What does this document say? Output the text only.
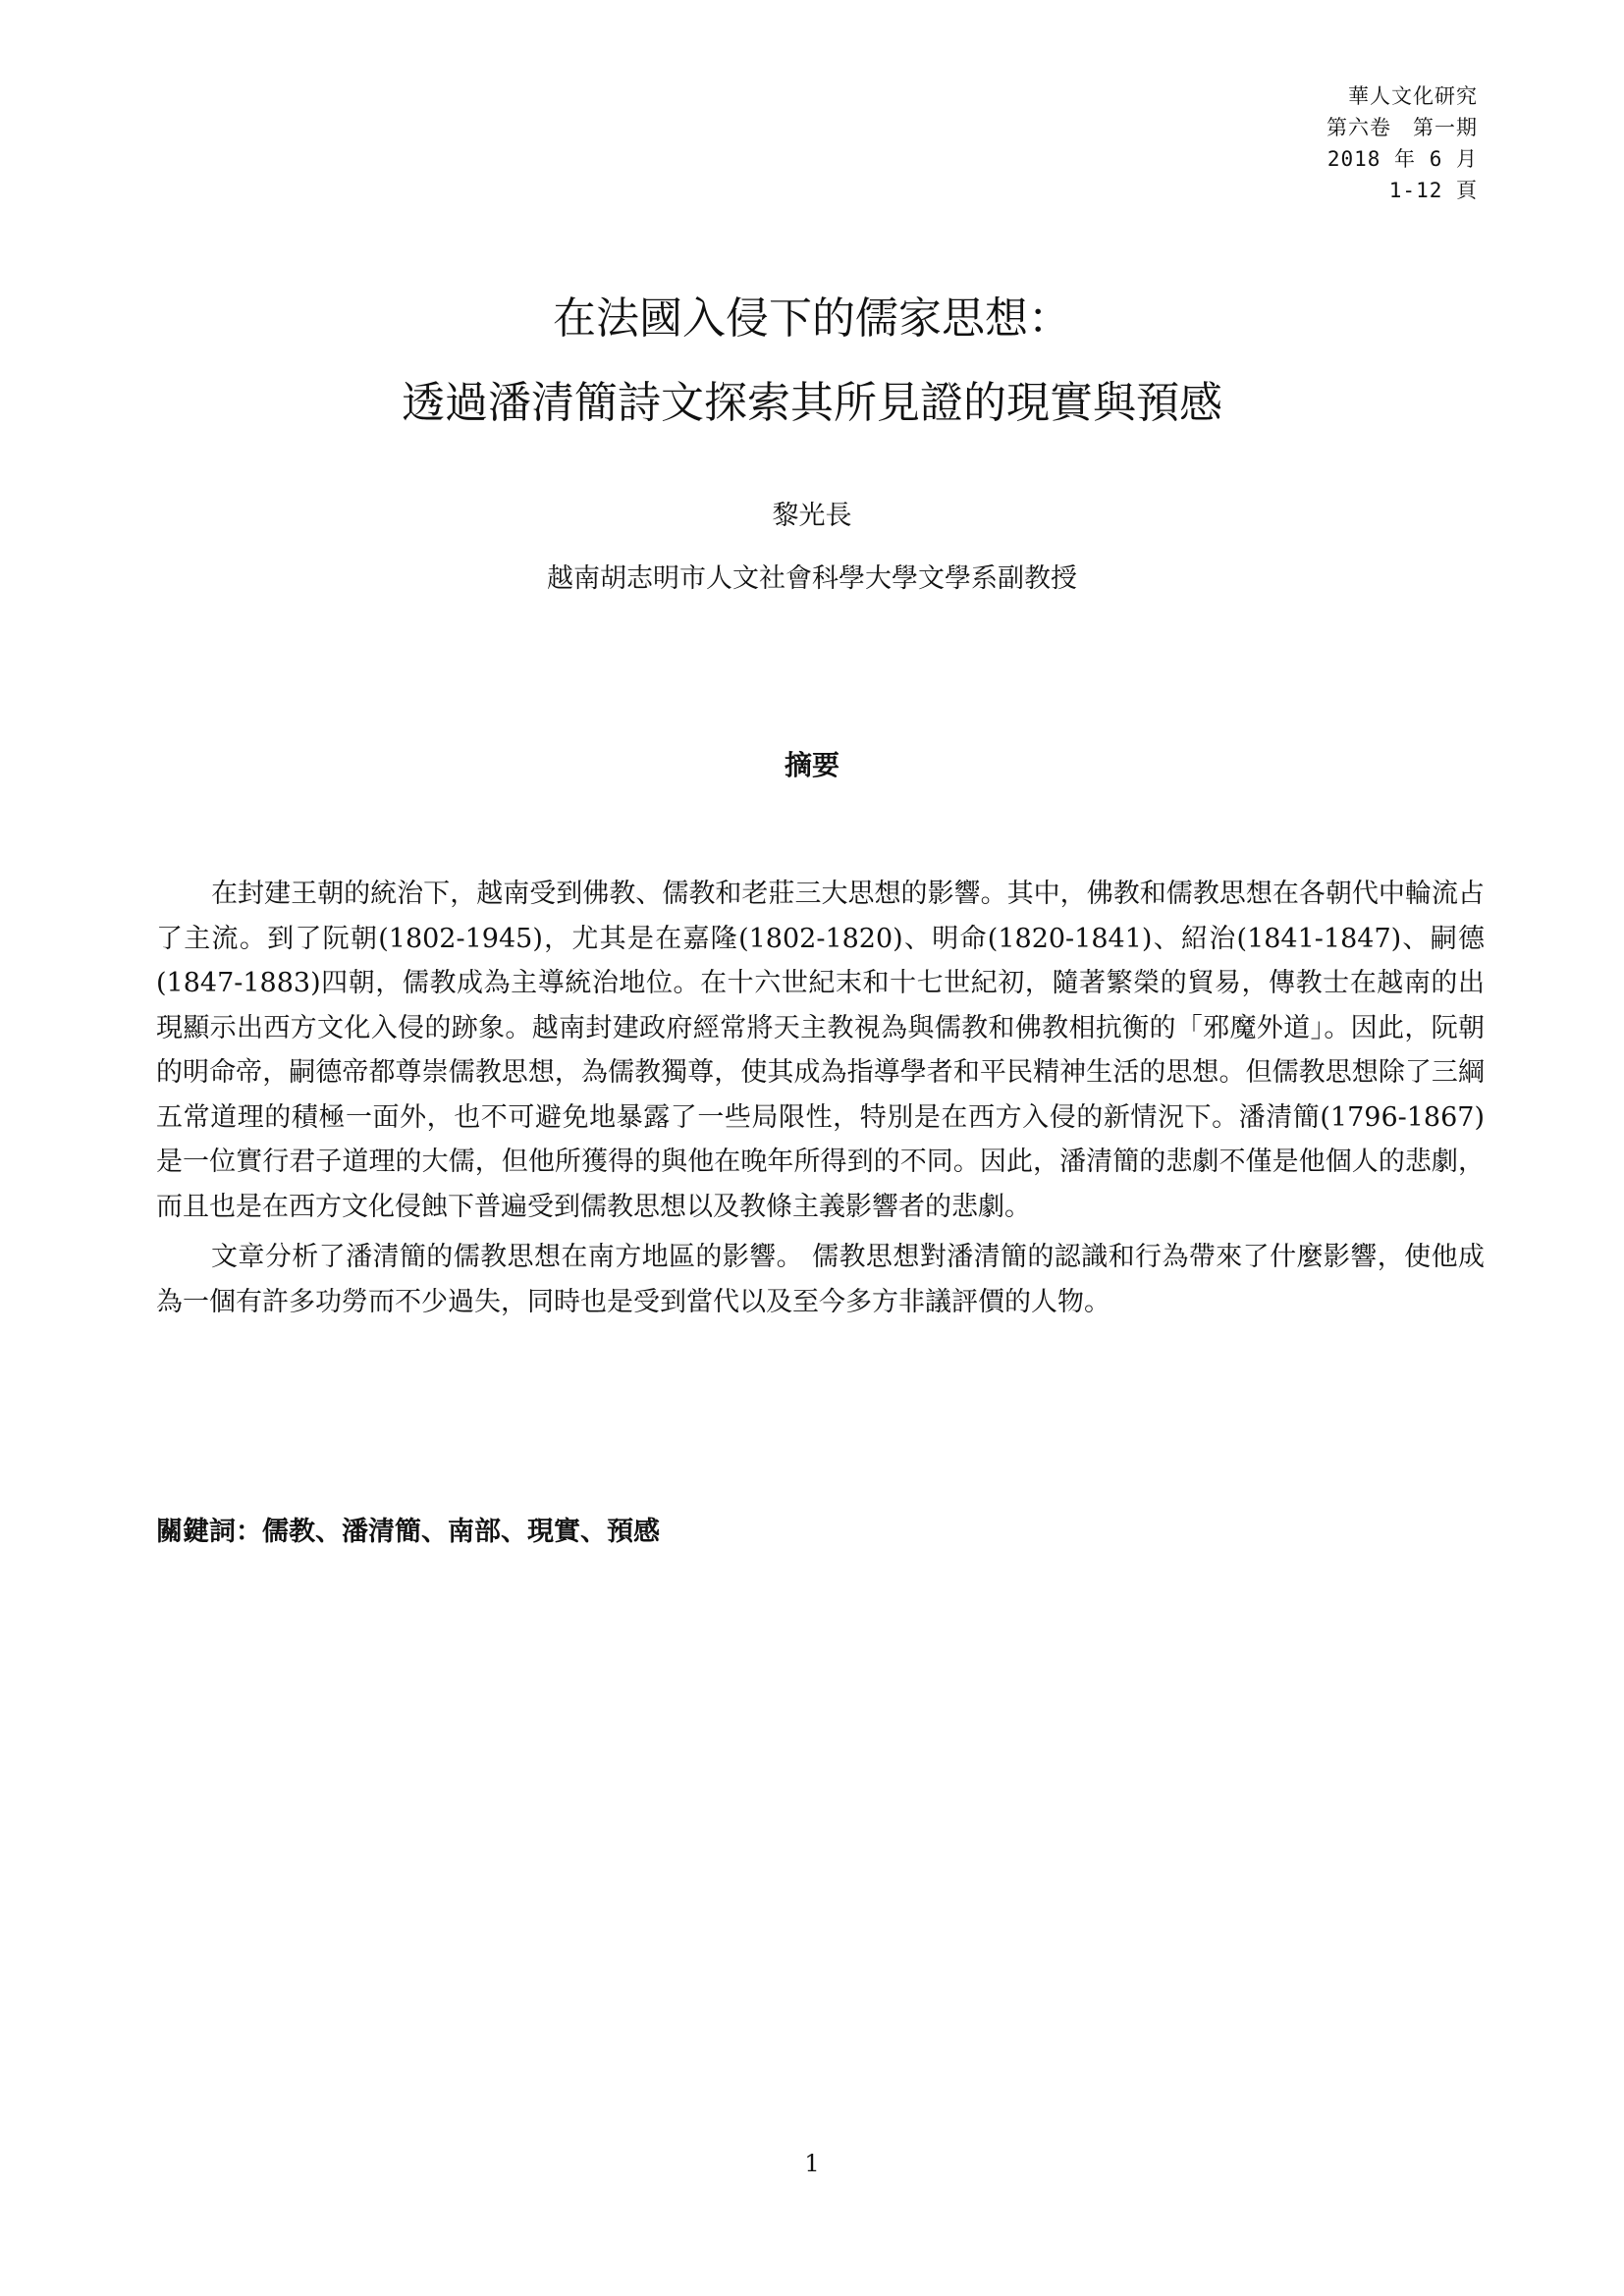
華人文化研究
第六卷　第一期
2018 年 6 月
1-12 頁
在法國入侵下的儒家思想：
透過潘清簡詩文探索其所見證的現實與預感
黎光長
越南胡志明市人文社會科學大學文學系副教授
摘要

在封建王朝的統治下，越南受到佛教、儒教和老莊三大思想的影響。其中，佛教和儒教思想在各朝代中輪流占了主流。到了阮朝(1802-1945)，尤其是在嘉隆(1802-1820)、明命(1820-1841)、紹治(1841-1847)、嗣德(1847-1883)四朝，儒教成為主導統治地位。在十六世紀末和十七世紀初，隨著繁榮的貿易，傳教士在越南的出現顯示出西方文化入侵的跡象。越南封建政府經常將天主教視為與儒教和佛教相抗衡的「邪魔外道」。因此，阮朝的明命帝，嗣德帝都尊崇儒教思想，為儒教獨尊，使其成為指導學者和平民精神生活的思想。但儒教思想除了三綱五常道理的積極一面外，也不可避免地暴露了一些局限性，特別是在西方入侵的新情況下。潘清簡(1796-1867)是一位實行君子道理的大儒，但他所獲得的與他在晚年所得到的不同。因此，潘清簡的悲劇不僅是他個人的悲劇，而且也是在西方文化侵蝕下普遍受到儒教思想以及教條主義影響者的悲劇。

文章分析了潘清簡的儒教思想在南方地區的影響。 儒教思想對潘清簡的認識和行為帶來了什麼影響，使他成為一個有許多功勞而不少過失，同時也是受到當代以及至今多方非議評價的人物。

關鍵詞：儒教、潘清簡、南部、現實、預感
1
